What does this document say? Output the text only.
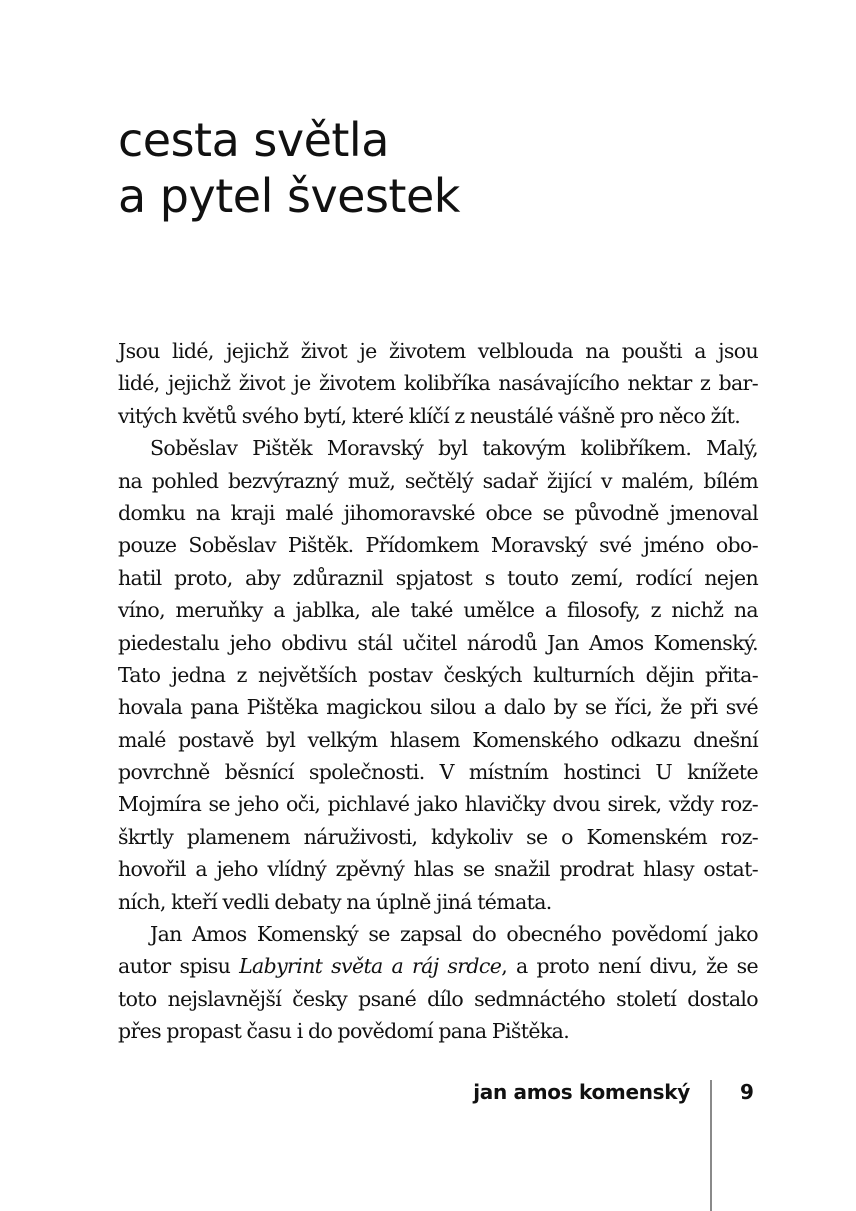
cesta světla
a pytel švestek
Jsou lidé, jejichž život je životem velblouda na poušti a jsou
lidé, jejichž život je životem kolibříka nasávajícího nektar z bar-
vitých květů svého bytí, které klíčí z neustálé vášně pro něco žít.
Soběslav Pištěk Moravský byl takovým kolibříkem. Malý,
na pohled bezvýrazný muž, sečtělý sadař žijící v malém, bílém
domku na kraji malé jihomoravské obce se původně jmenoval
pouze Soběslav Pištěk. Přídomkem Moravský své jméno obo-
hatil proto, aby zdůraznil spjatost s touto zemí, rodící nejen
víno, meruňky a jablka, ale také umělce a filosofy, z nichž na
piedestalu jeho obdivu stál učitel národů Jan Amos Komenský.
Tato jedna z největších postav českých kulturních dějin přita-
hovala pana Pištěka magickou silou a dalo by se říci, že při své
malé postavě byl velkým hlasem Komenského odkazu dnešní
povrchně běsnící společnosti. V místním hostinci U knížete
Mojmíra se jeho oči, pichlavé jako hlavičky dvou sirek, vždy roz-
škrtly plamenem náruživosti, kdykoliv se o Komenském roz-
hovořil a jeho vlídný zpěvný hlas se snažil prodrat hlasy ostat-
ních, kteří vedli debaty na úplně jiná témata.
Jan Amos Komenský se zapsal do obecného povědomí jako
autor spisu Labyrint světa a ráj srdce, a proto není divu, že se
toto nejslavnější česky psané dílo sedmnáctého století dostalo
přes propast času i do povědomí pana Pištěka.
jan amos komenský	9
